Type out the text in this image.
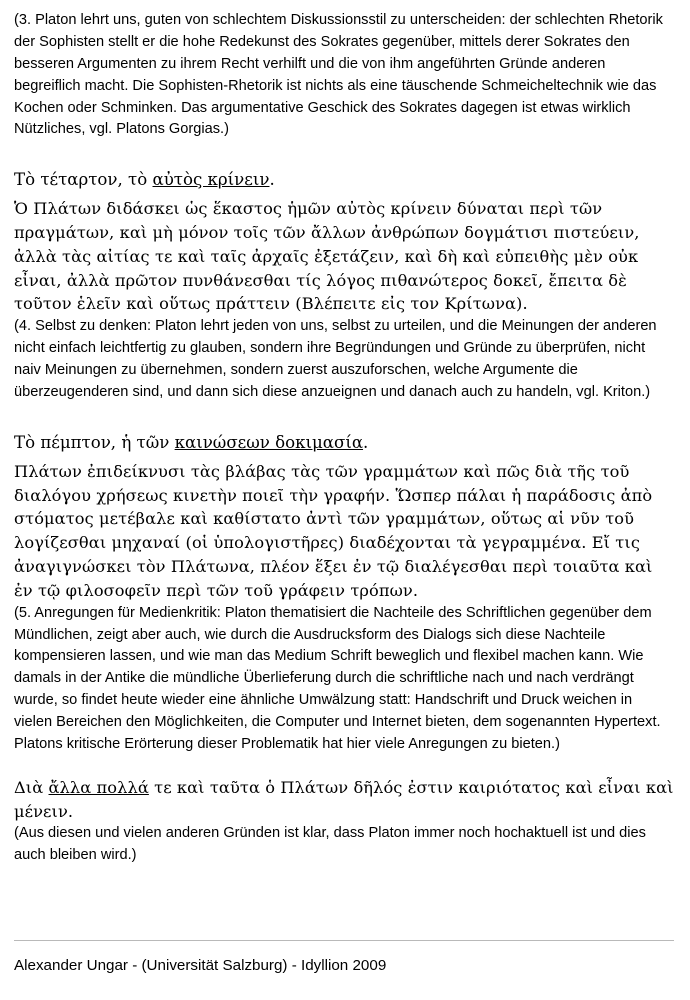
(3. Platon lehrt uns, guten von schlechtem Diskussionsstil zu unterscheiden: der schlechten Rhetorik der Sophisten stellt er die hohe Redekunst des Sokrates gegenüber, mittels derer Sokrates den besseren Argumenten zu ihrem Recht verhilft und die von ihm angeführten Gründe anderen begreiflich macht. Die Sophisten-Rhetorik ist nichts als eine täuschende Schmeicheltechnik wie das Kochen oder Schminken. Das argumentative Geschick des Sokrates dagegen ist etwas wirklich Nützliches, vgl. Platons Gorgias.)

Τὸ τέταρτον, τὸ αὐτὸς κρίνειν.

Ὁ Πλάτων διδάσκει ὡς ἕκαστος ἡμῶν αὐτὸς κρίνειν δύναται περὶ τῶν πραγμάτων, καὶ μὴ μόνον τοῖς τῶν ἄλλων ἀνθρώπων δογμάτισι πιστεύειν, ἀλλὰ τὰς αἰτίας τε καὶ ταῖς ἀρχαῖς ἐξετάζειν, καὶ δὴ καὶ εὐπειθὴς μὲν οὐκ εἶναι, ἀλλὰ πρῶτον πυνθάνεσθαι τίς λόγος πιθανώτερος δοκεῖ, ἔπειτα δὲ τοῦτον ἑλεῖν καὶ οὕτως πράττειν (Βλέπειτε εἰς τον Κρίτωνα).

(4. Selbst zu denken: Platon lehrt jeden von uns, selbst zu urteilen, und die Meinungen der anderen nicht einfach leichtfertig zu glauben, sondern ihre Begründungen und Gründe zu überprüfen, nicht naiv Meinungen zu übernehmen, sondern zuerst auszuforschen, welche Argumente die überzeugenderen sind, und dann sich diese anzueignen und danach auch zu handeln, vgl. Kriton.)

Τὸ πέμπτον, ἡ τῶν καινώσεων δοκιμασία.

Πλάτων ἐπιδείκνυσι τὰς βλάβας τὰς τῶν γραμμάτων καὶ πῶς διὰ τῆς τοῦ διαλόγου χρήσεως κινετὴν ποιεῖ τὴν γραφήν. Ὥσπερ πάλαι ἡ παράδοσις ἀπὸ στόματος μετέβαλε καὶ καθίστατο ἀντὶ τῶν γραμμάτων, οὕτως αἱ νῦν τοῦ λογίζεσθαι μηχαναί (οἱ ὑπολογιστῆρες) διαδέχονται τὰ γεγραμμένα. Εἴ τις ἀναγιγνώσκει τὸν Πλάτωνα, πλέον ἕξει ἐν τῷ διαλέγεσθαι περὶ τοιαῦτα καὶ ἐν τῷ φιλοσοφεῖν περὶ τῶν τοῦ γράφειν τρόπων.

(5. Anregungen für Medienkritik: Platon thematisiert die Nachteile des Schriftlichen gegenüber dem Mündlichen, zeigt aber auch, wie durch die Ausdrucksform des Dialogs sich diese Nachteile kompensieren lassen, und wie man das Medium Schrift beweglich und flexibel machen kann. Wie damals in der Antike die mündliche Überlieferung durch die schriftliche nach und nach verdrängt wurde, so findet heute wieder eine ähnliche Umwälzung statt: Handschrift und Druck weichen in vielen Bereichen den Möglichkeiten, die Computer und Internet bieten, dem sogenannten Hypertext. Platons kritische Erörterung dieser Problematik hat hier viele Anregungen zu bieten.)

Διὰ ἄλλα πολλά τε καὶ ταῦτα ὁ Πλάτων δῆλός ἐστιν καιριότατος καὶ εἶναι καὶ μένειν.

(Aus diesen und vielen anderen Gründen ist klar, dass Platon immer noch hochaktuell ist und dies auch bleiben wird.)

Alexander Ungar - (Universität Salzburg) - Idyllion 2009
